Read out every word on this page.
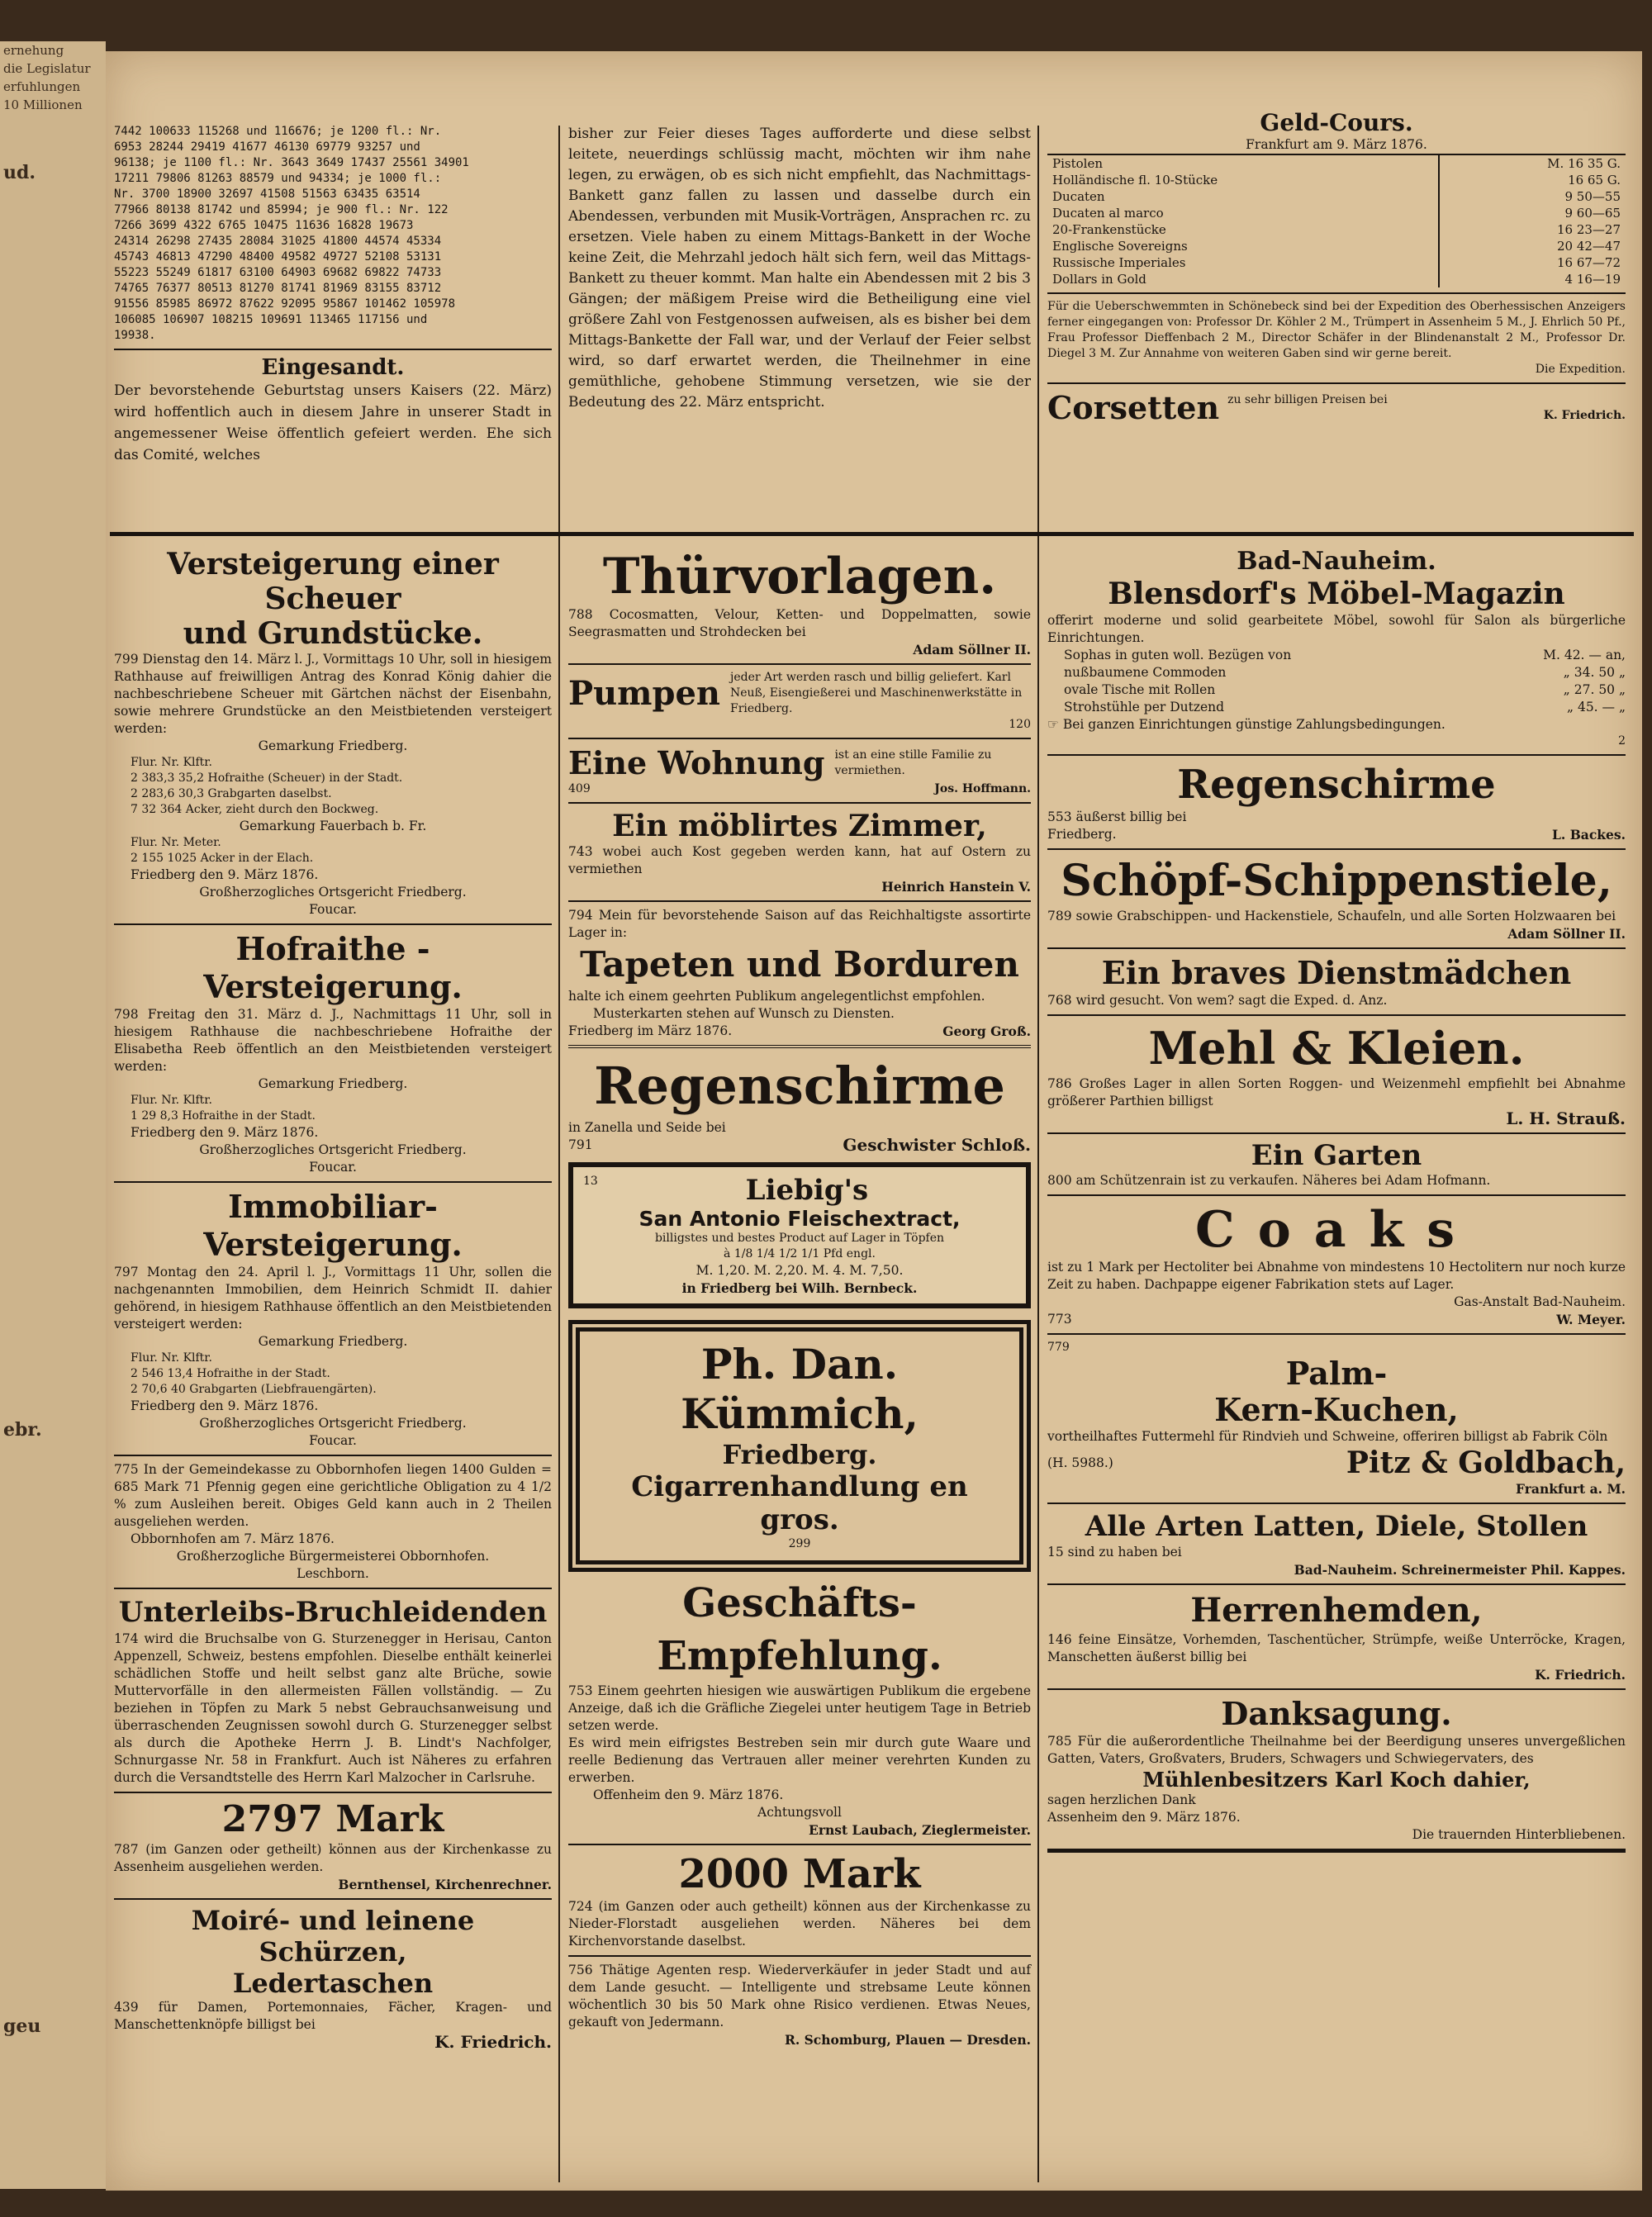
ernehung
die Legislatur
erfuhlungen
10 Millionen
ud.
ebr.
geu
7442 100633 115268 und 116676; je 1200 fl.: Nr.
6953 28244 29419 41677 46130 69779 93257 und
96138; je 1100 fl.: Nr. 3643 3649 17437 25561 34901
17211 79806 81263 88579 und 94334; je 1000 fl.:
Nr. 3700 18900 32697 41508 51563 63435 63514
77966 80138 81742 und 85994; je 900 fl.: Nr. 122
7266 3699 4322 6765 10475 11636 16828 19673
24314 26298 27435 28084 31025 41800 44574 45334
45743 46813 47290 48400 49582 49727 52108 53131
55223 55249 61817 63100 64903 69682 69822 74733
74765 76377 80513 81270 81741 81969 83155 83712
91556 85985 86972 87622 92095 95867 101462 105978
106085 106907 108215 109691 113465 117156 und
19938.
Eingesandt.
Der bevorstehende Geburtstag unsers Kaisers (22. März) wird hoffentlich auch in diesem Jahre in unserer Stadt in angemessener Weise öffentlich gefeiert werden. Ehe sich das Comité, welches
Versteigerung einer Scheuer
und Grundstücke.
799 Dienstag den 14. März l. J., Vormittags 10 Uhr, soll in hiesigem Rathhause auf freiwilligen Antrag des Konrad König dahier die nachbeschriebene Scheuer mit Gärtchen nächst der Eisenbahn, sowie mehrere Grundstücke an den Meistbietenden versteigert werden:
Gemarkung Friedberg.
Flur. Nr. Klftr.
2 383,3 35,2 Hofraithe (Scheuer) in der Stadt.
2 283,6 30,3 Grabgarten daselbst.
7 32 364 Acker, zieht durch den Bockweg.
Gemarkung Fauerbach b. Fr.
Flur. Nr. Meter.
2 155 1025 Acker in der Elach.
Friedberg den 9. März 1876.
Großherzogliches Ortsgericht Friedberg.
Foucar.
Hofraithe - Versteigerung.
798 Freitag den 31. März d. J., Nachmittags 11 Uhr, soll in hiesigem Rathhause die nachbeschriebene Hofraithe der Elisabetha Reeb öffentlich an den Meistbietenden versteigert werden:
Gemarkung Friedberg.
Flur. Nr. Klftr.
1 29 8,3 Hofraithe in der Stadt.
Friedberg den 9. März 1876.
Großherzogliches Ortsgericht Friedberg.
Foucar.
Immobiliar-Versteigerung.
797 Montag den 24. April l. J., Vormittags 11 Uhr, sollen die nachgenannten Immobilien, dem Heinrich Schmidt II. dahier gehörend, in hiesigem Rathhause öffentlich an den Meistbietenden versteigert werden:
Gemarkung Friedberg.
Flur. Nr. Klftr.
2 546 13,4 Hofraithe in der Stadt.
2 70,6 40 Grabgarten (Liebfrauengärten).
Friedberg den 9. März 1876.
Großherzogliches Ortsgericht Friedberg.
Foucar.
775 In der Gemeindekasse zu Obbornhofen liegen 1400 Gulden = 685 Mark 71 Pfennig gegen eine gerichtliche Obligation zu 4 1/2 % zum Ausleihen bereit. Obiges Geld kann auch in 2 Theilen ausgeliehen werden.
Obbornhofen am 7. März 1876.
Großherzogliche Bürgermeisterei Obbornhofen.
Leschborn.
Unterleibs-Bruchleidenden
174 wird die Bruchsalbe von G. Sturzenegger in Herisau, Canton Appenzell, Schweiz, bestens empfohlen. Dieselbe enthält keinerlei schädlichen Stoffe und heilt selbst ganz alte Brüche, sowie Muttervorfälle in den allermeisten Fällen vollständig. — Zu beziehen in Töpfen zu Mark 5 nebst Gebrauchsanweisung und überraschenden Zeugnissen sowohl durch G. Sturzenegger selbst als durch die Apotheke Herrn J. B. Lindt's Nachfolger, Schnurgasse Nr. 58 in Frankfurt. Auch ist Näheres zu erfahren durch die Versandtstelle des Herrn Karl Malzocher in Carlsruhe.
2797 Mark
787 (im Ganzen oder getheilt) können aus der Kirchenkasse zu Assenheim ausgeliehen werden.
Bernthensel, Kirchenrechner.
Moiré- und leinene Schürzen,
Ledertaschen
439 für Damen, Portemonnaies, Fächer, Kragen- und Manschettenknöpfe billigst bei
K. Friedrich.
bisher zur Feier dieses Tages aufforderte und diese selbst leitete, neuerdings schlüssig macht, möchten wir ihm nahe legen, zu erwägen, ob es sich nicht empfiehlt, das Nachmittags-Bankett ganz fallen zu lassen und dasselbe durch ein Abendessen, verbunden mit Musik-Vorträgen, Ansprachen rc. zu ersetzen. Viele haben zu einem Mittags-Bankett in der Woche keine Zeit, die Mehrzahl jedoch hält sich fern, weil das Mittags-Bankett zu theuer kommt. Man halte ein Abendessen mit 2 bis 3 Gängen; der mäßigem Preise wird die Betheiligung eine viel größere Zahl von Festgenossen aufweisen, als es bisher bei dem Mittags-Bankette der Fall war, und der Verlauf der Feier selbst wird, so darf erwartet werden, die Theilnehmer in eine gemüthliche, gehobene Stimmung versetzen, wie sie der Bedeutung des 22. März entspricht.
Thürvorlagen.
788 Cocosmatten, Velour, Ketten- und Doppelmatten, sowie Seegrasmatten und Strohdecken bei
Adam Söllner II.
Pumpen jeder Art werden rasch und billig geliefert. Karl Neuß, Eisengießerei und Maschinenwerkstätte in Friedberg.
120
Eine Wohnung ist an eine stille Familie zu vermiethen.
409	Jos. Hoffmann.
Ein möblirtes Zimmer,
743 wobei auch Kost gegeben werden kann, hat auf Ostern zu vermiethen
Heinrich Hanstein V.
794 Mein für bevorstehende Saison auf das Reichhaltigste assortirte Lager in:
Tapeten und Borduren
halte ich einem geehrten Publikum angelegentlichst empfohlen.
Musterkarten stehen auf Wunsch zu Diensten.
Friedberg im März 1876.	Georg Groß.
Regenschirme
in Zanella und Seide bei
791	Geschwister Schloß.
13	Liebig's
San Antonio Fleischextract,
billigstes und bestes Product auf Lager in Töpfen
à 1/8 1/4 1/2 1/1 Pfd engl.
M. 1,20. M. 2,20. M. 4. M. 7,50.
in Friedberg bei Wilh. Bernbeck.
Ph. Dan. Kümmich,
Friedberg.
Cigarrenhandlung en gros.
299
Geschäfts-Empfehlung.
753 Einem geehrten hiesigen wie auswärtigen Publikum die ergebene Anzeige, daß ich die Gräfliche Ziegelei unter heutigem Tage in Betrieb setzen werde.
Es wird mein eifrigstes Bestreben sein mir durch gute Waare und reelle Bedienung das Vertrauen aller meiner verehrten Kunden zu erwerben.
Offenheim den 9. März 1876.
Achtungsvoll
Ernst Laubach, Zieglermeister.
2000 Mark
724 (im Ganzen oder auch getheilt) können aus der Kirchenkasse zu Nieder-Florstadt ausgeliehen werden. Näheres bei dem Kirchenvorstande daselbst.
756 Thätige Agenten resp. Wiederverkäufer in jeder Stadt und auf dem Lande gesucht. — Intelligente und strebsame Leute können wöchentlich 30 bis 50 Mark ohne Risico verdienen. Etwas Neues, gekauft von Jedermann.
R. Schomburg, Plauen — Dresden.
Geld-Cours.
Frankfurt am 9. März 1876.
Pistolen	M. 16 35 G.
Holländische fl. 10-Stücke	16 65 G.
Ducaten	9 50—55
Ducaten al marco	9 60—65
20-Frankenstücke	16 23—27
Englische Sovereigns	20 42—47
Russische Imperiales	16 67—72
Dollars in Gold	4 16—19
Für die Ueberschwemmten in Schönebeck sind bei der Expedition des Oberhessischen Anzeigers ferner eingegangen von: Professor Dr. Köhler 2 M., Trümpert in Assenheim 5 M., J. Ehrlich 50 Pf., Frau Professor Dieffenbach 2 M., Director Schäfer in der Blindenanstalt 2 M., Professor Dr. Diegel 3 M. Zur Annahme von weiteren Gaben sind wir gerne bereit.
Die Expedition.
Corsetten zu sehr billigen Preisen bei
K. Friedrich.
Bad-Nauheim.
Blensdorf's Möbel-Magazin
offerirt moderne und solid gearbeitete Möbel, sowohl für Salon als bürgerliche Einrichtungen.
Sophas in guten woll. Bezügen von	M. 42. — an,
nußbaumene Commoden	„ 34. 50 „
ovale Tische mit Rollen	„ 27. 50 „
Strohstühle per Dutzend	„ 45. — „
☞ Bei ganzen Einrichtungen günstige Zahlungsbedingungen.
2
Regenschirme
553 äußerst billig bei
Friedberg.	L. Backes.
Schöpf-Schippenstiele,
789 sowie Grabschippen- und Hackenstiele, Schaufeln, und alle Sorten Holzwaaren bei
Adam Söllner II.
Ein braves Dienstmädchen
768 wird gesucht. Von wem? sagt die Exped. d. Anz.
Mehl & Kleien.
786 Großes Lager in allen Sorten Roggen- und Weizenmehl empfiehlt bei Abnahme größerer Parthien billigst
L. H. Strauß.
Ein Garten
800 am Schützenrain ist zu verkaufen. Näheres bei Adam Hofmann.
Coaks
ist zu 1 Mark per Hectoliter bei Abnahme von mindestens 10 Hectolitern nur noch kurze Zeit zu haben. Dachpappe eigener Fabrikation stets auf Lager.
Gas-Anstalt Bad-Nauheim.
773	W. Meyer.
779
Palm-
Kern-Kuchen,
vortheilhaftes Futtermehl für Rindvieh und Schweine, offeriren billigst ab Fabrik Cöln
(H. 5988.)	Pitz & Goldbach,
Frankfurt a. M.
Alle Arten Latten, Diele, Stollen
15 sind zu haben bei
Bad-Nauheim. Schreinermeister Phil. Kappes.
Herrenhemden,
146 feine Einsätze, Vorhemden, Taschentücher, Strümpfe, weiße Unterröcke, Kragen, Manschetten äußerst billig bei
K. Friedrich.
Danksagung.
785 Für die außerordentliche Theilnahme bei der Beerdigung unseres unvergeßlichen Gatten, Vaters, Großvaters, Bruders, Schwagers und Schwiegervaters, des
Mühlenbesitzers Karl Koch dahier,
sagen herzlichen Dank
Assenheim den 9. März 1876.
Die trauernden Hinterbliebenen.
